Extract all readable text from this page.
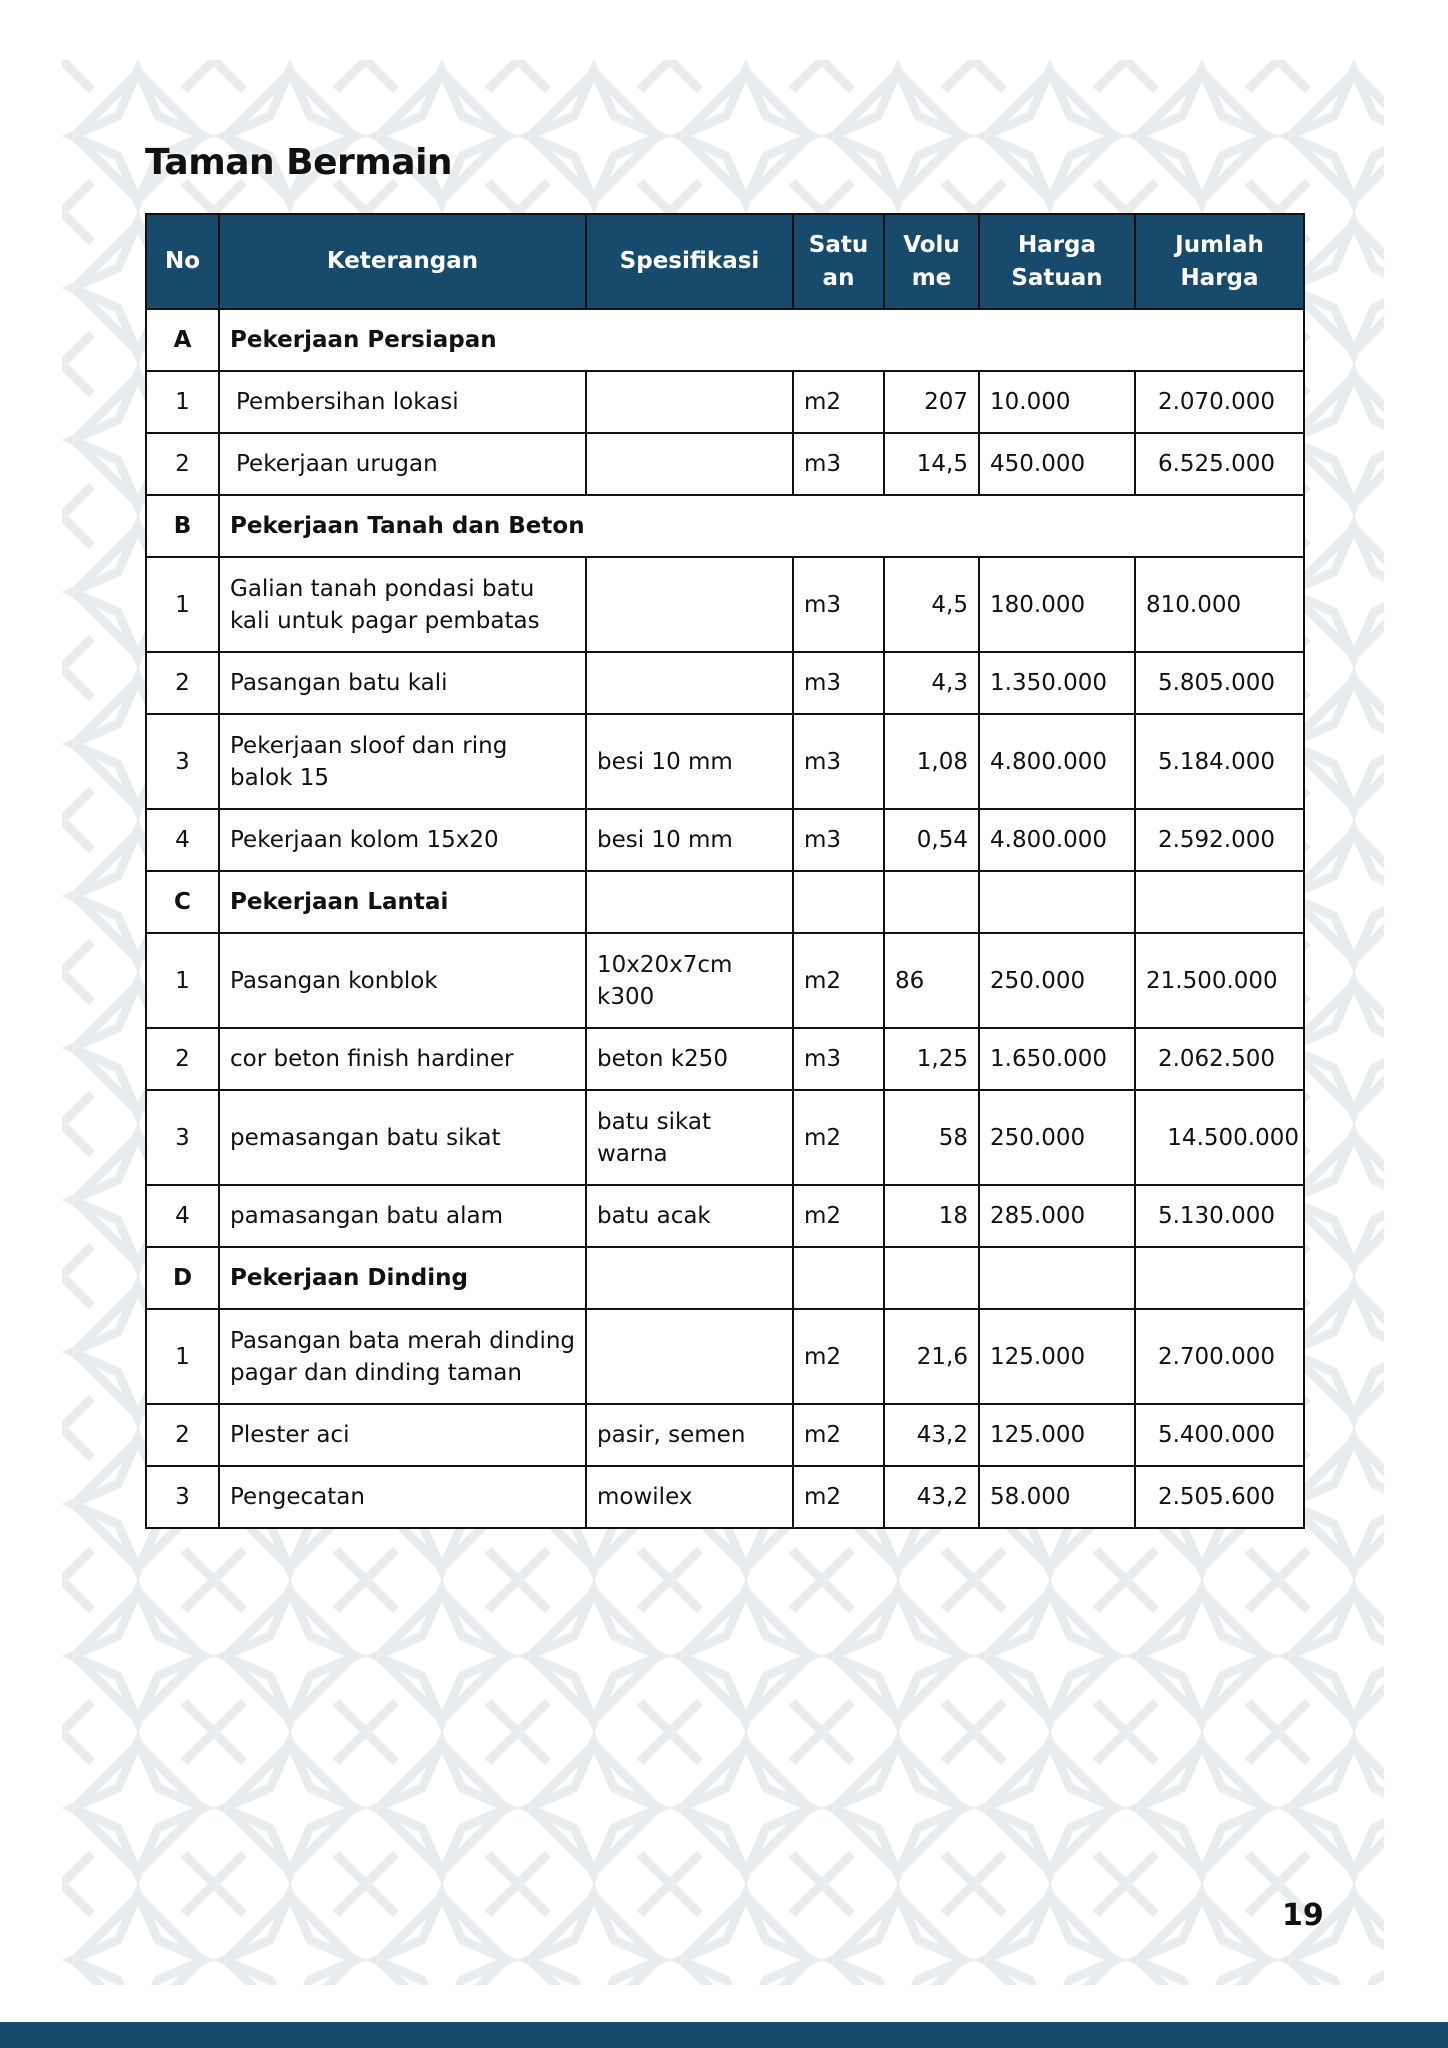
Taman Bermain
No	Keterangan	Spesifikasi	Satuan	Volume	Harga Satuan	Jumlah Harga

A	Pekerjaan Persiapan					
1	Pembersihan lokasi		m2	207	10.000	2.070.000
2	Pekerjaan urugan		m3	14,5	450.000	6.525.000
B	Pekerjaan Tanah dan Beton					
1	Galian tanah pondasi batu kali untuk pagar pembatas		m3	4,5	180.000	810.000
2	Pasangan batu kali		m3	4,3	1.350.000	5.805.000
3	Pekerjaan sloof dan ring balok 15	besi 10 mm	m3	1,08	4.800.000	5.184.000
4	Pekerjaan kolom 15x20	besi 10 mm	m3	0,54	4.800.000	2.592.000
C	Pekerjaan Lantai					
1	Pasangan konblok	10x20x7cm k300	m2	86	250.000	21.500.000
2	cor beton finish hardiner	beton k250	m3	1,25	1.650.000	2.062.500
3	pemasangan batu sikat	batu sikat warna	m2	58	250.000	14.500.000
4	pamasangan batu alam	batu acak	m2	18	285.000	5.130.000
D	Pekerjaan Dinding					
1	Pasangan bata merah dinding pagar dan dinding taman		m2	21,6	125.000	2.700.000
2	Plester aci	pasir, semen	m2	43,2	125.000	5.400.000
3	Pengecatan	mowilex	m2	43,2	58.000	2.505.600
19
